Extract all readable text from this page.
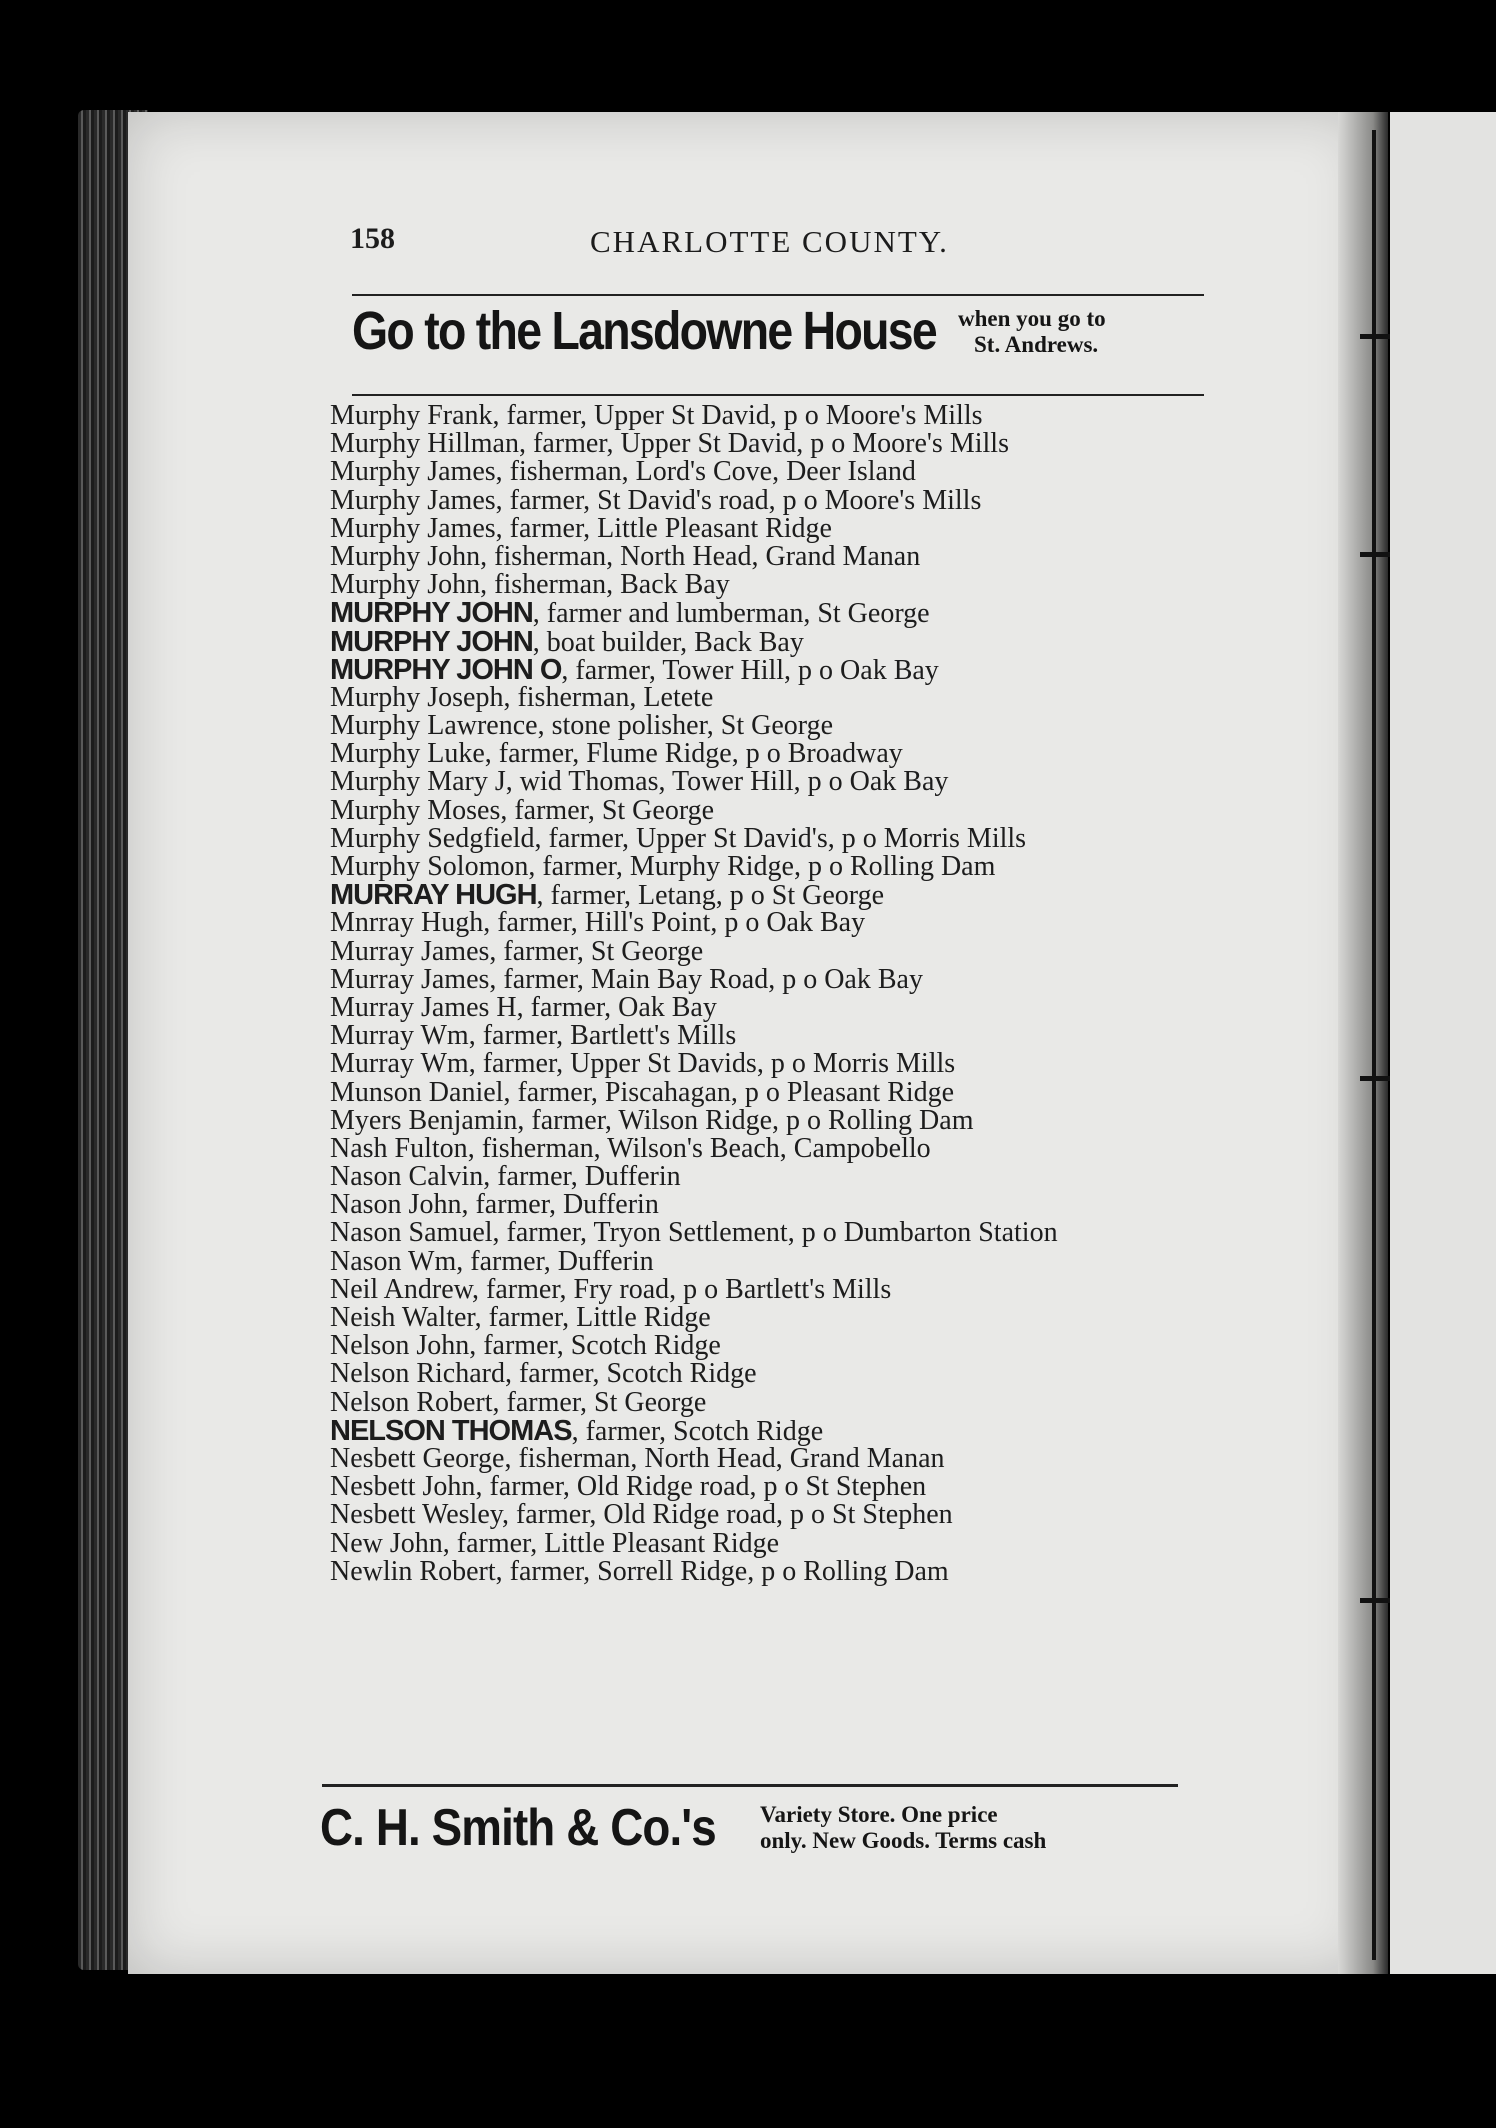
158	CHARLOTTE COUNTY.
Go to the Lansdowne House when you go to
St. Andrews.
Murphy Frank, farmer, Upper St David, p o Moore's Mills
Murphy Hillman, farmer, Upper St David, p o Moore's Mills
Murphy James, fisherman, Lord's Cove, Deer Island
Murphy James, farmer, St David's road, p o Moore's Mills
Murphy James, farmer, Little Pleasant Ridge
Murphy John, fisherman, North Head, Grand Manan
Murphy John, fisherman, Back Bay
MURPHY JOHN, farmer and lumberman, St George
MURPHY JOHN, boat builder, Back Bay
MURPHY JOHN O, farmer, Tower Hill, p o Oak Bay
Murphy Joseph, fisherman, Letete
Murphy Lawrence, stone polisher, St George
Murphy Luke, farmer, Flume Ridge, p o Broadway
Murphy Mary J, wid Thomas, Tower Hill, p o Oak Bay
Murphy Moses, farmer, St George
Murphy Sedgfield, farmer, Upper St David's, p o Morris Mills
Murphy Solomon, farmer, Murphy Ridge, p o Rolling Dam
MURRAY HUGH, farmer, Letang, p o St George
Mnrray Hugh, farmer, Hill's Point, p o Oak Bay
Murray James, farmer, St George
Murray James, farmer, Main Bay Road, p o Oak Bay
Murray James H, farmer, Oak Bay
Murray Wm, farmer, Bartlett's Mills
Murray Wm, farmer, Upper St Davids, p o Morris Mills
Munson Daniel, farmer, Piscahagan, p o Pleasant Ridge
Myers Benjamin, farmer, Wilson Ridge, p o Rolling Dam
Nash Fulton, fisherman, Wilson's Beach, Campobello
Nason Calvin, farmer, Dufferin
Nason John, farmer, Dufferin
Nason Samuel, farmer, Tryon Settlement, p o Dumbarton Station
Nason Wm, farmer, Dufferin
Neil Andrew, farmer, Fry road, p o Bartlett's Mills
Neish Walter, farmer, Little Ridge
Nelson John, farmer, Scotch Ridge
Nelson Richard, farmer, Scotch Ridge
Nelson Robert, farmer, St George
NELSON THOMAS, farmer, Scotch Ridge
Nesbett George, fisherman, North Head, Grand Manan
Nesbett John, farmer, Old Ridge road, p o St Stephen
Nesbett Wesley, farmer, Old Ridge road, p o St Stephen
New John, farmer, Little Pleasant Ridge
Newlin Robert, farmer, Sorrell Ridge, p o Rolling Dam
C. H. Smith & Co.'s Variety Store. One price
only. New Goods. Terms cash
